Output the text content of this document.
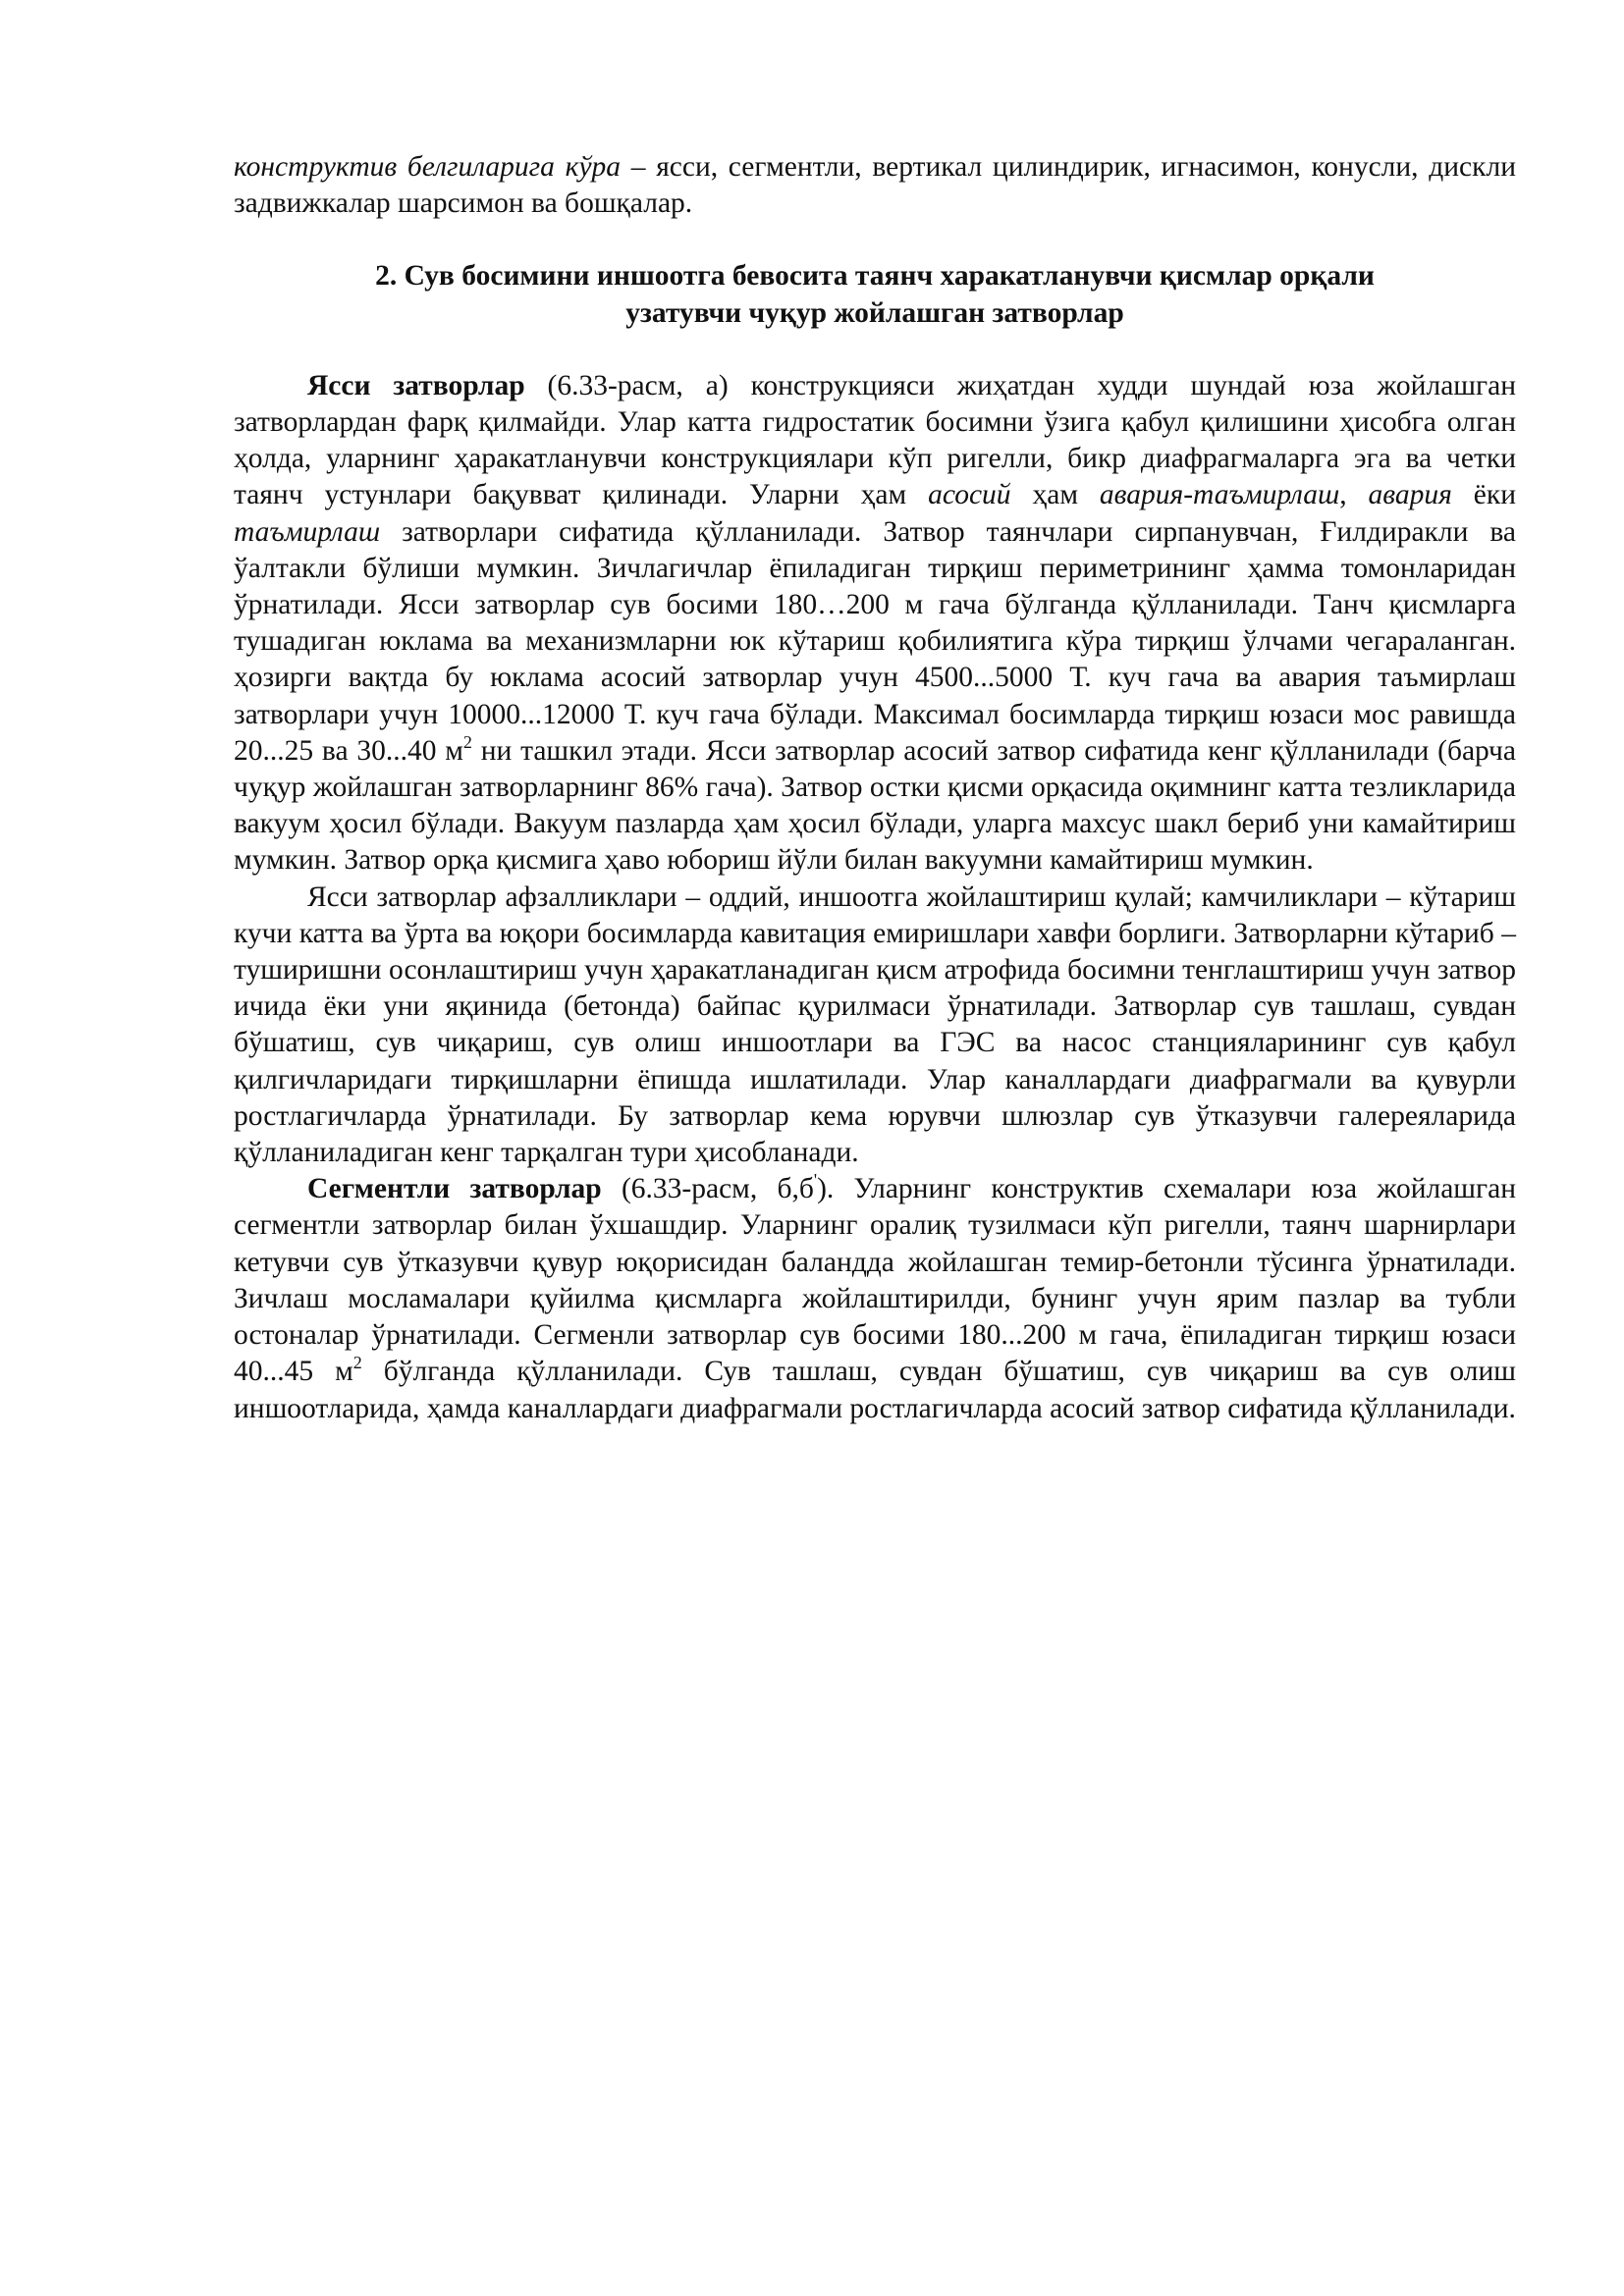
конструктив белгиларига кўра – ясси, сегментли, вертикал цилиндирик, игнасимон, конусли, дискли задвижкалар шарсимон ва бошқалар.

2. Сув босимини иншоотга бевосита таянч харакатланувчи қисмлар орқали
узатувчи чуқур жойлашган затворлар

Ясси затворлар (6.33-расм, а) конструкцияси жиҳатдан худди шундай юза жойлашган затворлардан фарқ қилмайди. Улар катта гидростатик босимни ўзига қабул қилишини ҳисобга олган ҳолда, уларнинг ҳаракатланувчи конструкциялари кўп ригелли, бикр диафрагмаларга эга ва четки таянч устунлари бақувват қилинади. Уларни ҳам асосий ҳам авария-таъмирлаш, авария ёки таъмирлаш затворлари сифатида қўлланилади. Затвор таянчлари сирпанувчан, Ғилдиракли ва ўалтакли бўлиши мумкин. Зичлагичлар ёпиладиган тирқиш периметрининг ҳамма томонларидан ўрнатилади. Ясси затворлар сув босими 180…200 м гача бўлганда қўлланилади. Танч қисмларга тушадиган юклама ва механизмларни юк кўтариш қобилиятига кўра тирқиш ўлчами чегараланган. ҳозирги вақтда бу юклама асосий затворлар учун 4500...5000 Т. куч гача ва авария таъмирлаш затворлари учун 10000...12000 Т. куч гача бўлади. Максимал босимларда тирқиш юзаси мос равишда 20...25 ва 30...40 $м^2$ ни ташкил этади. Ясси затворлар асосий затвор сифатида кенг қўлланилади (барча чуқур жойлашган затворларнинг 86% гача). Затвор остки қисми орқасида оқимнинг катта тезликларида вакуум ҳосил бўлади. Вакуум пазларда ҳам ҳосил бўлади, уларга махсус шакл бериб уни камайтириш мумкин. Затвор орқа қисмига ҳаво юбориш йўли билан вакуумни камайтириш мумкин.

Ясси затворлар афзалликлари – оддий, иншоотга жойлаштириш қулай; камчиликлари – кўтариш кучи катта ва ўрта ва юқори босимларда кавитация емиришлари хавфи борлиги. Затворларни кўтариб – туширишни осонлаштириш учун ҳаракатланадиган қисм атрофида босимни тенглаштириш учун затвор ичида ёки уни яқинида (бетонда) байпас қурилмаси ўрнатилади. Затворлар сув ташлаш, сувдан бўшатиш, сув чиқариш, сув олиш иншоотлари ва ГЭС ва насос станцияларининг сув қабул қилгичларидаги тирқишларни ёпишда ишлатилади. Улар каналлардаги диафрагмали ва қувурли ростлагичларда ўрнатилади. Бу затворлар кема юрувчи шлюзлар сув ўтказувчи галереяларида қўлланиладиган кенг тарқалган тури ҳисобланади.

Сегментли затворлар (6.33-расм, б,б'). Уларнинг конструктив схемалари юза жойлашган сегментли затворлар билан ўхшашдир. Уларнинг оралиқ тузилмаси кўп ригелли, таянч шарнирлари кетувчи сув ўтказувчи қувур юқорисидан баландда жойлашган темир-бетонли тўсинга ўрнатилади. Зичлаш мосламалари қуйилма қисмларга жойлаштирилди, бунинг учун ярим пазлар ва тубли остоналар ўрнатилади. Сегменли затворлар сув босими 180...200 м гача, ёпиладиган тирқиш юзаси 40...45 $м^2$ бўлганда қўлланилади. Сув ташлаш, сувдан бўшатиш, сув чиқариш ва сув олиш иншоотларида, ҳамда каналлардаги диафрагмали ростлагичларда асосий затвор сифатида қўлланилади.
